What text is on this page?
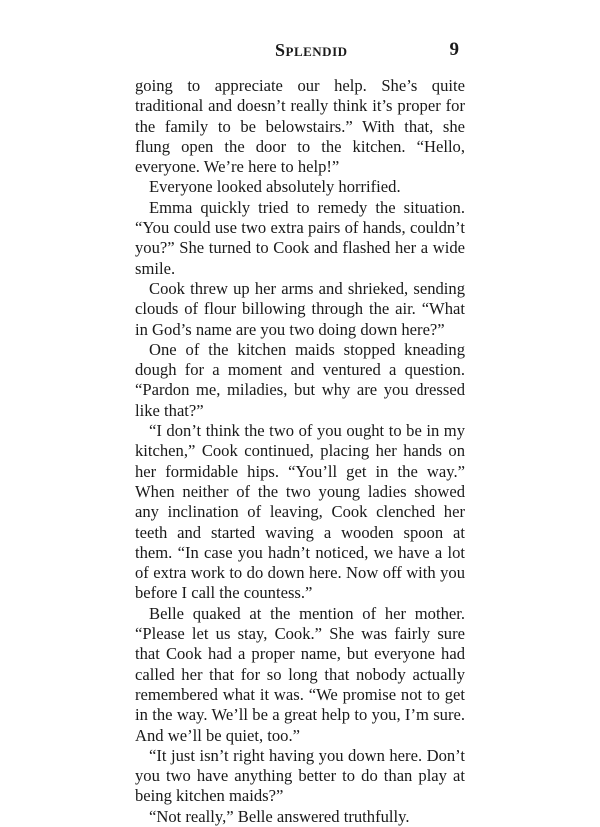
Splendid	9

going to appreciate our help. She’s quite traditional and doesn’t really think it’s proper for the family to be belowstairs.” With that, she flung open the door to the kitchen. “Hello, everyone. We’re here to help!”

Everyone looked absolutely horrified.

Emma quickly tried to remedy the situation. “You could use two extra pairs of hands, couldn’t you?” She turned to Cook and flashed her a wide smile.

Cook threw up her arms and shrieked, sending clouds of flour billowing through the air. “What in God’s name are you two doing down here?”

One of the kitchen maids stopped kneading dough for a moment and ventured a question. “Pardon me, miladies, but why are you dressed like that?”

“I don’t think the two of you ought to be in my kitchen,” Cook continued, placing her hands on her formidable hips. “You’ll get in the way.” When neither of the two young ladies showed any inclination of leaving, Cook clenched her teeth and started waving a wooden spoon at them. “In case you hadn’t noticed, we have a lot of extra work to do down here. Now off with you before I call the countess.”

Belle quaked at the mention of her mother. “Please let us stay, Cook.” She was fairly sure that Cook had a proper name, but everyone had called her that for so long that nobody actually remembered what it was. “We promise not to get in the way. We’ll be a great help to you, I’m sure. And we’ll be quiet, too.”

“It just isn’t right having you down here. Don’t you two have anything better to do than play at being kitchen maids?”

“Not really,” Belle answered truthfully.
